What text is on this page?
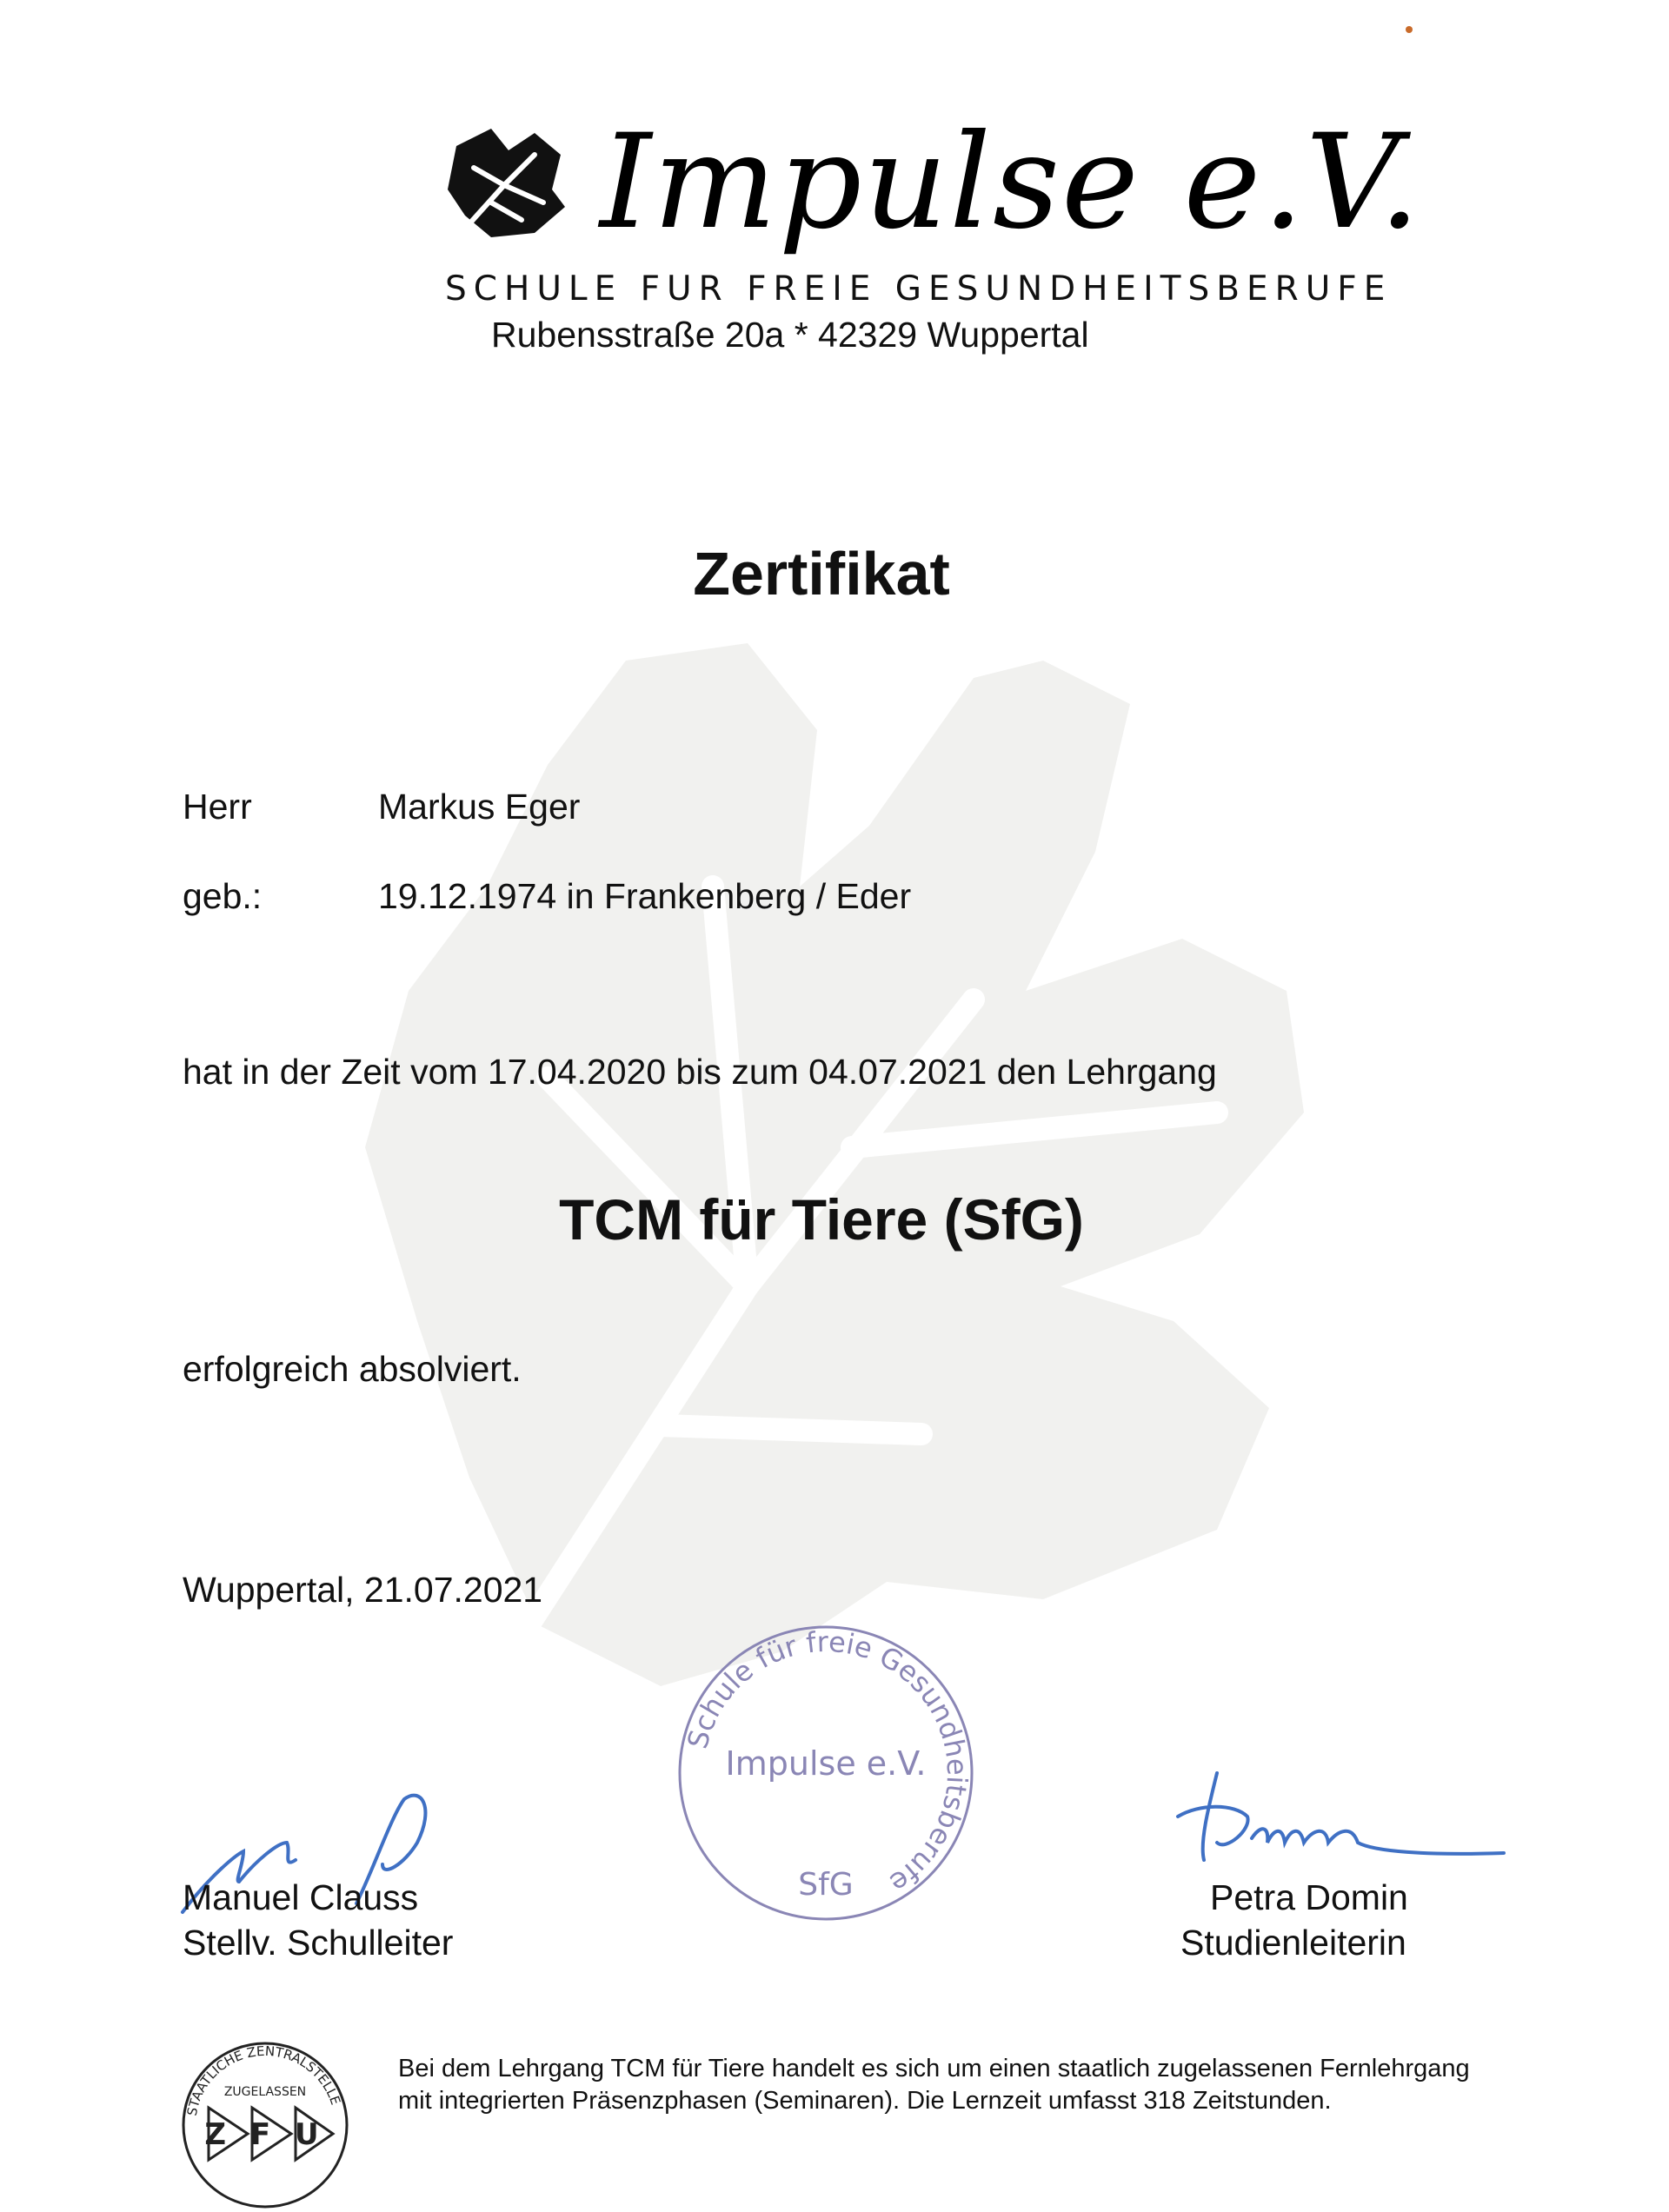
Impulse e.V.
SCHULE FUR FREIE GESUNDHEITSBERUFE
Rubensstraße 20a * 42329 Wuppertal
Zertifikat
Herr	Markus Eger
geb.:	19.12.1974 in Frankenberg / Eder
hat in der Zeit vom 17.04.2020 bis zum 04.07.2021 den Lehrgang
TCM für Tiere (SfG)
erfolgreich absolviert.
Wuppertal, 21.07.2021
Schule für freie Gesundheitsberufe
Impulse e.V.
SfG
Manuel Clauss
Stellv. Schulleiter
Petra Domin
Studienleiterin
STAATLICHE ZENTRALSTELLE
ZUGELASSEN
Z F U
Bei dem Lehrgang TCM für Tiere handelt es sich um einen staatlich zugelassenen Fernlehrgang mit integrierten Präsenzphasen (Seminaren). Die Lernzeit umfasst 318 Zeitstunden.
